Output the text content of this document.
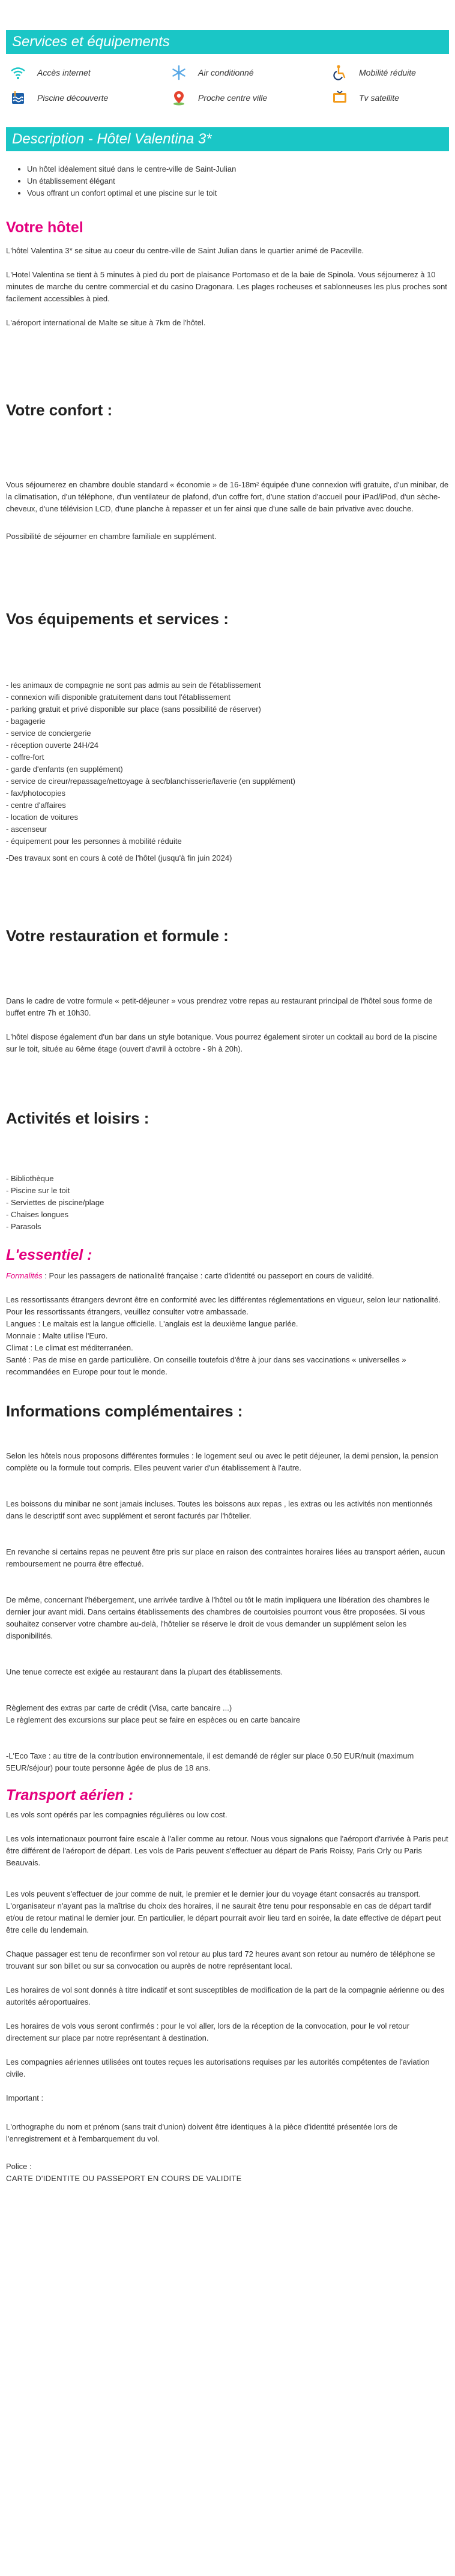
Services et équipements
Accès internet	Air conditionné	Mobilité réduite
Piscine découverte	Proche centre ville	Tv satellite
Description - Hôtel Valentina 3*
• Un hôtel idéalement situé dans le centre-ville de Saint-Julian
• Un établissement élégant
• Vous offrant un confort optimal et une piscine sur le toit
Votre hôtel

L'hôtel Valentina 3* se situe au coeur du centre-ville de Saint Julian dans le quartier animé de Paceville.

L'Hotel Valentina se tient à 5 minutes à pied du port de plaisance Portomaso et de la baie de Spinola. Vous séjournerez à 10 minutes de marche du centre commercial et du casino Dragonara. Les plages rocheuses et sablonneuses les plus proches sont facilement accessibles à pied.

L'aéroport international de Malte se situe à 7km de l'hôtel.

Votre confort :

Vous séjournerez en chambre double standard « économie » de 16-18m² équipée d'une connexion wifi gratuite, d'un minibar, de la climatisation, d'un téléphone, d'un ventilateur de plafond, d'un coffre fort, d'une station d'accueil pour iPad/iPod, d'un sèche-cheveux, d'une télévision LCD, d'une planche à repasser et un fer ainsi que d'une salle de bain privative avec douche.

Possibilité de séjourner en chambre familiale en supplément.

Vos équipements et services :

- les animaux de compagnie ne sont pas admis au sein de l'établissement

- connexion wifi disponible gratuitement dans tout l'établissement

- parking gratuit et privé disponible sur place (sans possibilité de réserver)

- bagagerie

- service de conciergerie

- réception ouverte 24H/24

- coffre-fort

- garde d'enfants (en supplément)

- service de cireur/repassage/nettoyage à sec/blanchisserie/laverie (en supplément)

- fax/photocopies

- centre d'affaires

- location de voitures

- ascenseur

- équipement pour les personnes à mobilité réduite

-Des travaux sont en cours à coté de l'hôtel (jusqu'à fin juin 2024)

Votre restauration et formule :

Dans le cadre de votre formule « petit-déjeuner » vous prendrez votre repas au restaurant principal de l'hôtel sous forme de buffet entre 7h et 10h30.

L'hôtel dispose également d'un bar dans un style botanique. Vous pourrez également siroter un cocktail au bord de la piscine sur le toit, située au 6ème étage (ouvert d'avril à octobre - 9h à 20h).

Activités et loisirs :

- Bibliothèque

- Piscine sur le toit

- Serviettes de piscine/plage

- Chaises longues

- Parasols

L'essentiel :

Formalités : Pour les passagers de nationalité française : carte d'identité ou passeport en cours de validité.

Les ressortissants étrangers devront être en conformité avec les différentes réglementations en vigueur, selon leur nationalité.

Pour les ressortissants étrangers, veuillez consulter votre ambassade.

Langues : Le maltais est la langue officielle. L'anglais est la deuxième langue parlée.

Monnaie : Malte utilise l'Euro.

Climat : Le climat est méditerranéen.

Santé : Pas de mise en garde particulière. On conseille toutefois d'être à jour dans ses vaccinations « universelles » recommandées en Europe pour tout le monde.

Informations complémentaires :

Selon les hôtels nous proposons différentes formules : le logement seul ou avec le petit déjeuner, la demi pension, la pension complète ou la formule tout compris. Elles peuvent varier d'un établissement à l'autre.

Les boissons du minibar ne sont jamais incluses. Toutes les boissons aux repas , les extras ou les activités non mentionnés dans le descriptif sont avec supplément et seront facturés par l'hôtelier.

En revanche si certains repas ne peuvent être pris sur place en raison des contraintes horaires liées au transport aérien, aucun remboursement ne pourra être effectué.

De même, concernant l'hébergement, une arrivée tardive à l'hôtel ou tôt le matin impliquera une libération des chambres le dernier jour avant midi. Dans certains établissements des chambres de courtoisies pourront vous être proposées. Si vous souhaitez conserver votre chambre au-delà, l'hôtelier se réserve le droit de vous demander un supplément selon les disponibilités.

Une tenue correcte est exigée au restaurant dans la plupart des établissements.

Règlement des extras par carte de crédit (Visa, carte bancaire ...)

Le règlement des excursions sur place peut se faire en espèces ou en carte bancaire

-L'Eco Taxe : au titre de la contribution environnementale, il est demandé de régler sur place 0.50 EUR/nuit (maximum 5EUR/séjour) pour toute personne âgée de plus de 18 ans.

Transport aérien :

Les vols sont opérés par les compagnies régulières ou low cost.

Les vols internationaux pourront faire escale à l'aller comme au retour. Nous vous signalons que l'aéroport d'arrivée à Paris peut être différent de l'aéroport de départ. Les vols de Paris peuvent s'effectuer au départ de Paris Roissy, Paris Orly ou Paris Beauvais.

Les vols peuvent s'effectuer de jour comme de nuit, le premier et le dernier jour du voyage étant consacrés au transport. L'organisateur n'ayant pas la maîtrise du choix des horaires, il ne saurait être tenu pour responsable en cas de départ tardif et/ou de retour matinal le dernier jour. En particulier, le départ pourrait avoir lieu tard en soirée, la date effective de départ peut être celle du lendemain.

Chaque passager est tenu de reconfirmer son vol retour au plus tard 72 heures avant son retour au numéro de téléphone se trouvant sur son billet ou sur sa convocation ou auprès de notre représentant local.

Les horaires de vol sont donnés à titre indicatif et sont susceptibles de modification de la part de la compagnie aérienne ou des autorités aéroportuaires.

Les horaires de vols vous seront confirmés : pour le vol aller, lors de la réception de la convocation, pour le vol retour directement sur place par notre représentant à destination.

Les compagnies aériennes utilisées ont toutes reçues les autorisations requises par les autorités compétentes de l'aviation civile.

Important :

L'orthographe du nom et prénom (sans trait d'union) doivent être identiques à la pièce d'identité présentée lors de l'enregistrement et à l'embarquement du vol.

Police :

CARTE D'IDENTITE OU PASSEPORT EN COURS DE VALIDITE
